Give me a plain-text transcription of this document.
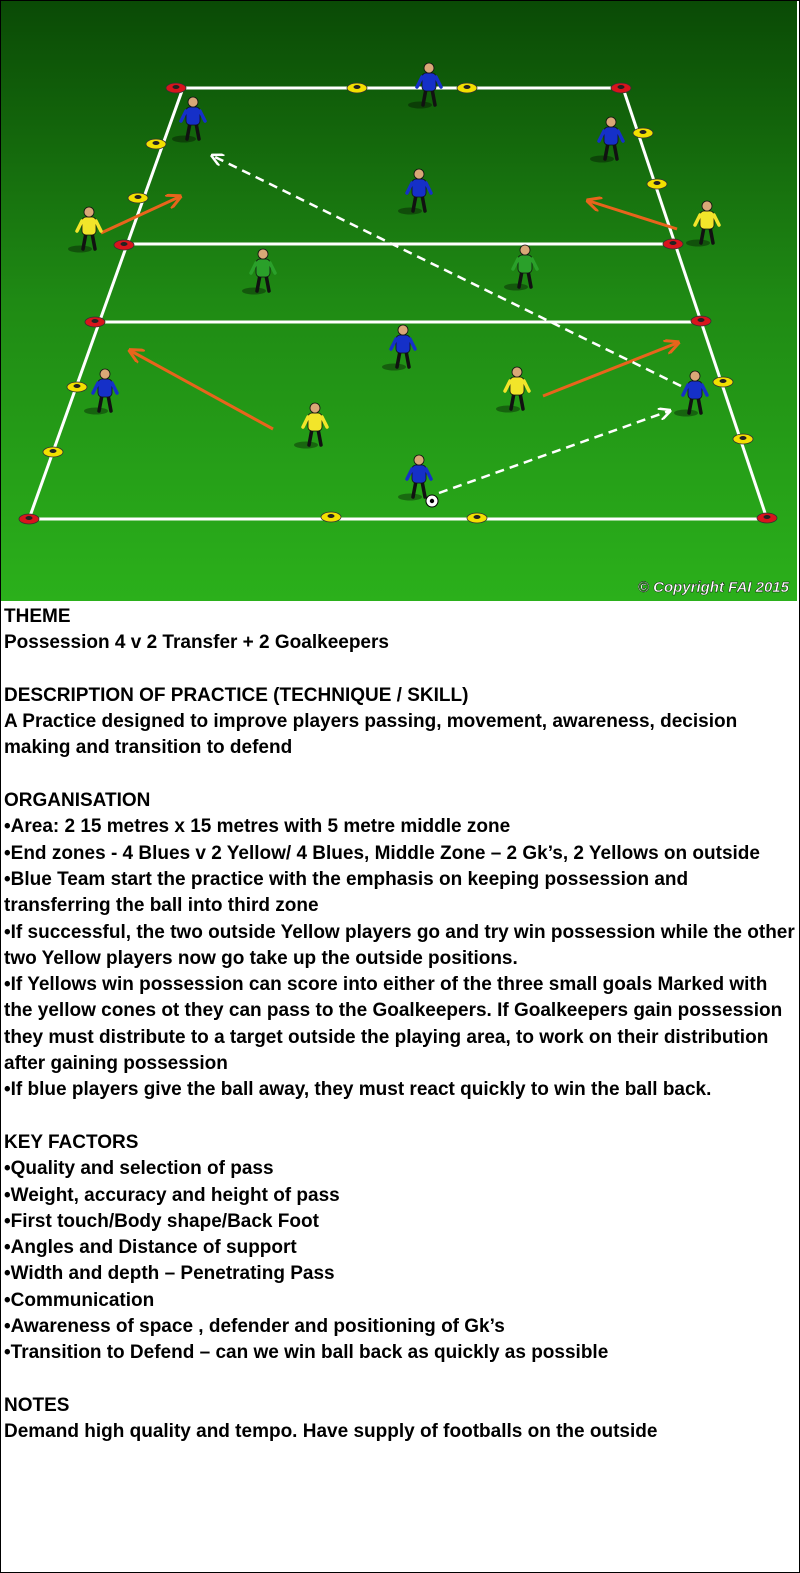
© Copyright FAI 2015
THEME
Possession 4 v 2 Transfer + 2 Goalkeepers
DESCRIPTION OF PRACTICE (TECHNIQUE / SKILL)
A Practice designed to improve players passing, movement, awareness, decision making and transition to defend
ORGANISATION
•Area: 2 15 metres x 15 metres with 5 metre middle zone
•End zones - 4 Blues v 2 Yellow/ 4 Blues, Middle Zone – 2 Gk’s, 2 Yellows on outside
•Blue Team start the practice with the emphasis on keeping possession and transferring the ball into third zone
•If successful, the two outside Yellow players go and try win possession while the other two Yellow players now go take up the outside positions.
•If Yellows win possession can score into either of the three small goals Marked with the yellow cones ot they can pass to the Goalkeepers. If Goalkeepers gain possession they must distribute to a target outside the playing area, to work on their distribution after gaining possession
•If blue players give the ball away, they must react quickly to win the ball back.
KEY FACTORS
•Quality and selection of pass
•Weight, accuracy and height of pass
•First touch/Body shape/Back Foot
•Angles and Distance of support
•Width and depth – Penetrating Pass
•Communication
•Awareness of space , defender and positioning of Gk’s
•Transition to Defend – can we win ball back as quickly as possible
NOTES
Demand high quality and tempo. Have supply of footballs on the outside
